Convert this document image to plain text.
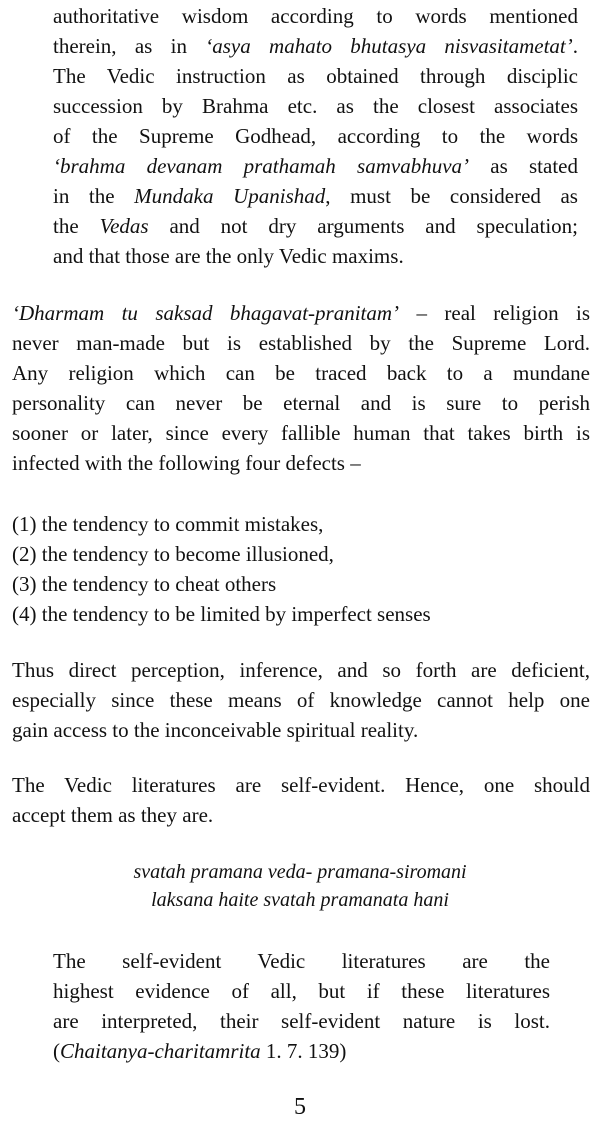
authoritative wisdom according to words mentioned
therein, as in ‘asya mahato bhutasya nisvasitametat’.
The Vedic instruction as obtained through disciplic
succession by Brahma etc. as the closest associates
of the Supreme Godhead, according to the words
‘brahma devanam prathamah samvabhuva’ as stated
in the Mundaka Upanishad, must be considered as
the Vedas and not dry arguments and speculation;
and that those are the only Vedic maxims.
‘Dharmam tu saksad bhagavat-pranitam’ – real religion is
never man-made but is established by the Supreme Lord.
Any religion which can be traced back to a mundane
personality can never be eternal and is sure to perish
sooner or later, since every fallible human that takes birth is
infected with the following four defects –
(1) the tendency to commit mistakes,
(2) the tendency to become illusioned,
(3) the tendency to cheat others
(4) the tendency to be limited by imperfect senses
Thus direct perception, inference, and so forth are deficient,
especially since these means of knowledge cannot help one
gain access to the inconceivable spiritual reality.
The Vedic literatures are self-evident. Hence, one should
accept them as they are.
svatah pramana veda- pramana-siromani
laksana haite svatah pramanata hani
The self-evident Vedic literatures are the
highest evidence of all, but if these literatures
are interpreted, their self-evident nature is lost.
(Chaitanya-charitamrita 1. 7. 139)
5
